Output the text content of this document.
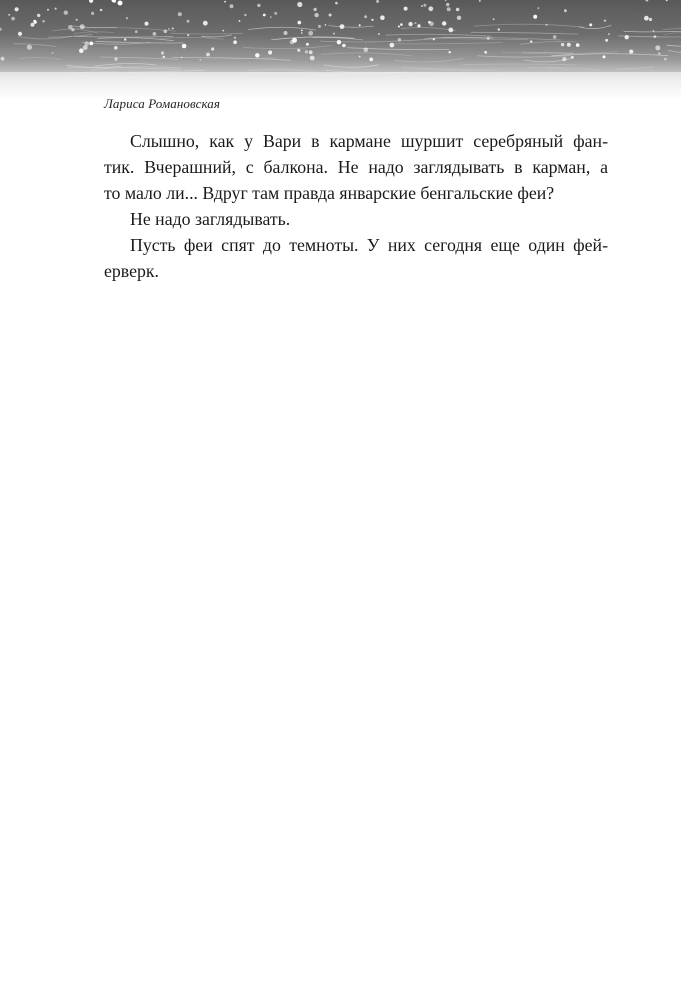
Лариса Романовская
Слышно, как у Вари в кармане шуршит серебряный фан-
тик. Вчерашний, с балкона. Не надо заглядывать в карман, а
то мало ли... Вдруг там правда январские бенгальские феи?
Не надо заглядывать.
Пусть феи спят до темноты. У них сегодня еще один фей-
ерверк.
